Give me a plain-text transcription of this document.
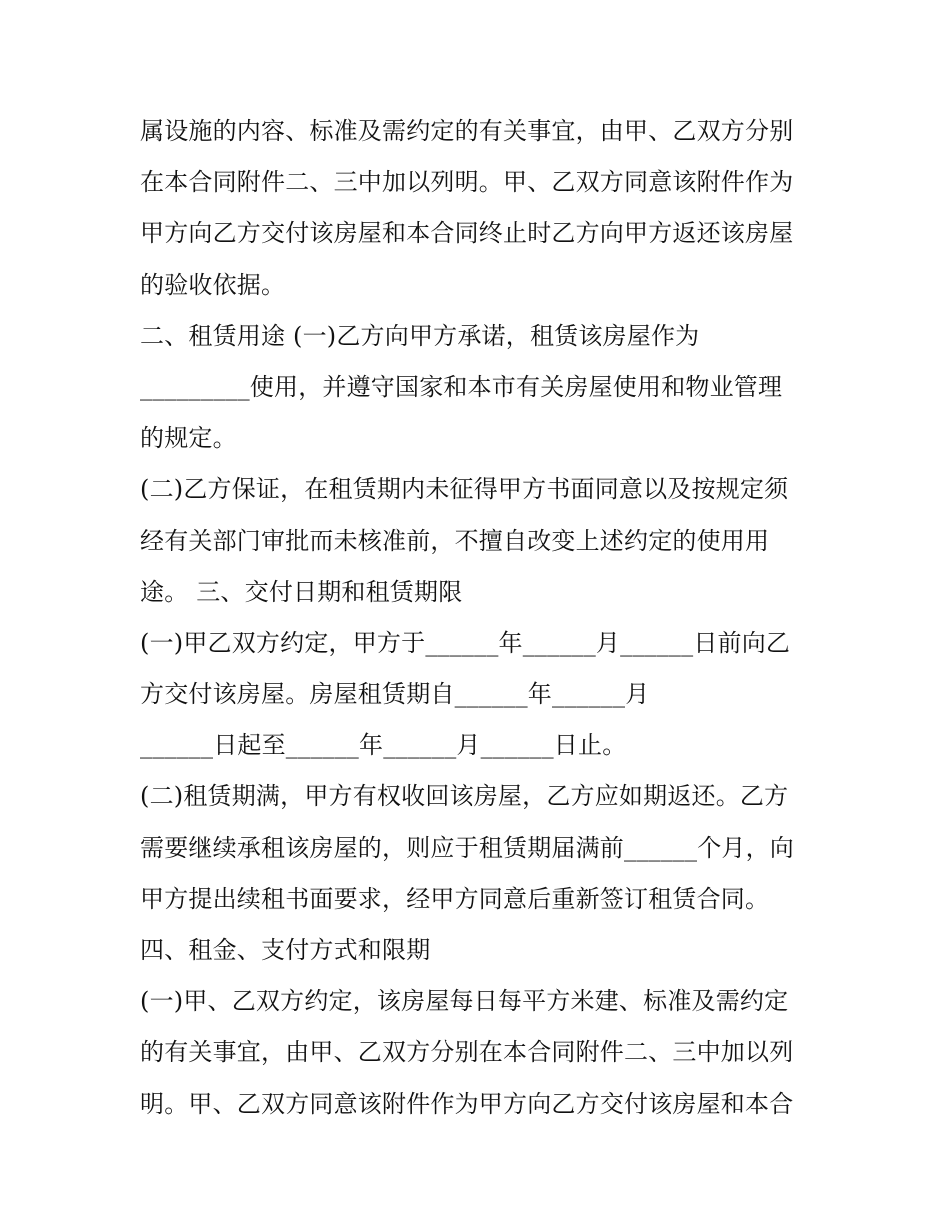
属设施的内容、标准及需约定的有关事宜，由甲、乙双方分别
在本合同附件二、三中加以列明。甲、乙双方同意该附件作为
甲方向乙方交付该房屋和本合同终止时乙方向甲方返还该房屋
的验收依据。
二、租赁用途 (一)乙方向甲方承诺，租赁该房屋作为
_________使用，并遵守国家和本市有关房屋使用和物业管理
的规定。
(二)乙方保证，在租赁期内未征得甲方书面同意以及按规定须
经有关部门审批而未核准前，不擅自改变上述约定的使用用
途。 三、交付日期和租赁期限
(一)甲乙双方约定，甲方于______年______月______日前向乙
方交付该房屋。房屋租赁期自______年______月
______日起至______年______月______日止。
(二)租赁期满，甲方有权收回该房屋，乙方应如期返还。乙方
需要继续承租该房屋的，则应于租赁期届满前______个月，向
甲方提出续租书面要求，经甲方同意后重新签订租赁合同。
四、租金、支付方式和限期
(一)甲、乙双方约定，该房屋每日每平方米建、标准及需约定
的有关事宜，由甲、乙双方分别在本合同附件二、三中加以列
明。甲、乙双方同意该附件作为甲方向乙方交付该房屋和本合
